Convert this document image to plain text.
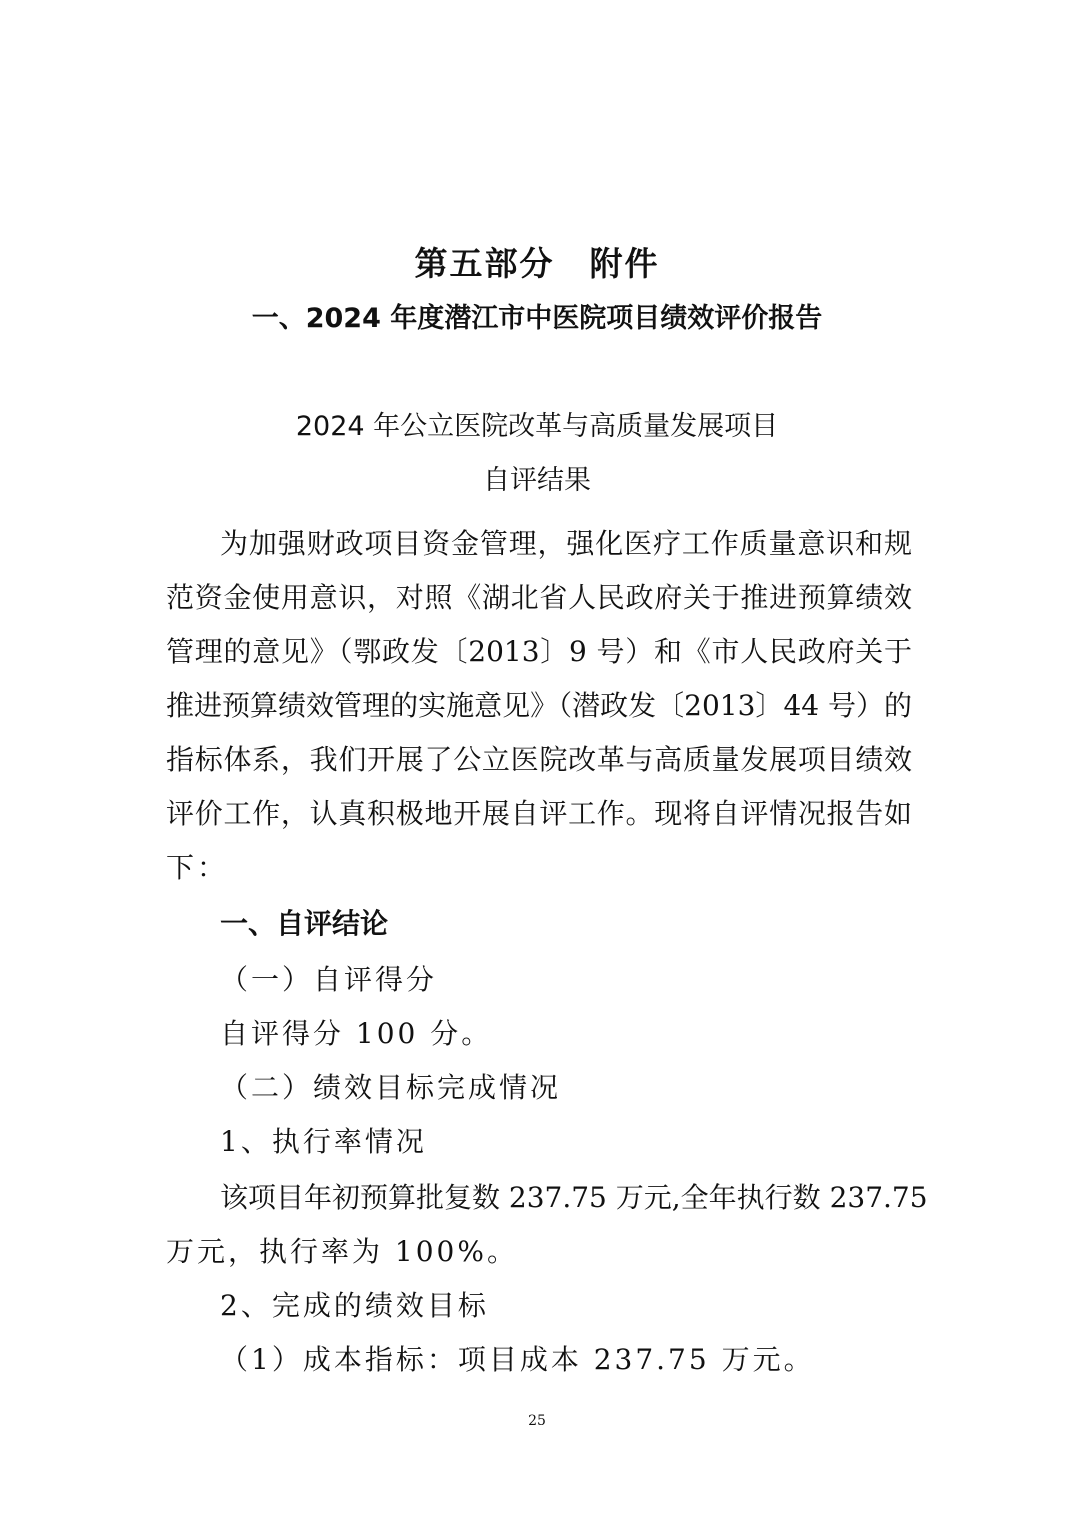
第五部分　附件
一、2024 年度潜江市中医院项目绩效评价报告
2024 年公立医院改革与高质量发展项目
自评结果
为加强财政项目资金管理，强化医疗工作质量意识和规
范资金使用意识，对照《湖北省人民政府关于推进预算绩效
管理的意见》（鄂政发〔2013〕9 号）和《市人民政府关于
推进预算绩效管理的实施意见》（潜政发〔2013〕44 号）的
指标体系，我们开展了公立医院改革与高质量发展项目绩效
评价工作，认真积极地开展自评工作。现将自评情况报告如
下：
一、自评结论
（一）自评得分
自评得分 100 分。
（二）绩效目标完成情况
1、执行率情况
该项目年初预算批复数 237.75 万元,全年执行数 237.75
万元，执行率为 100%。
2、完成的绩效目标
（1）成本指标：项目成本 237.75 万元。
25
